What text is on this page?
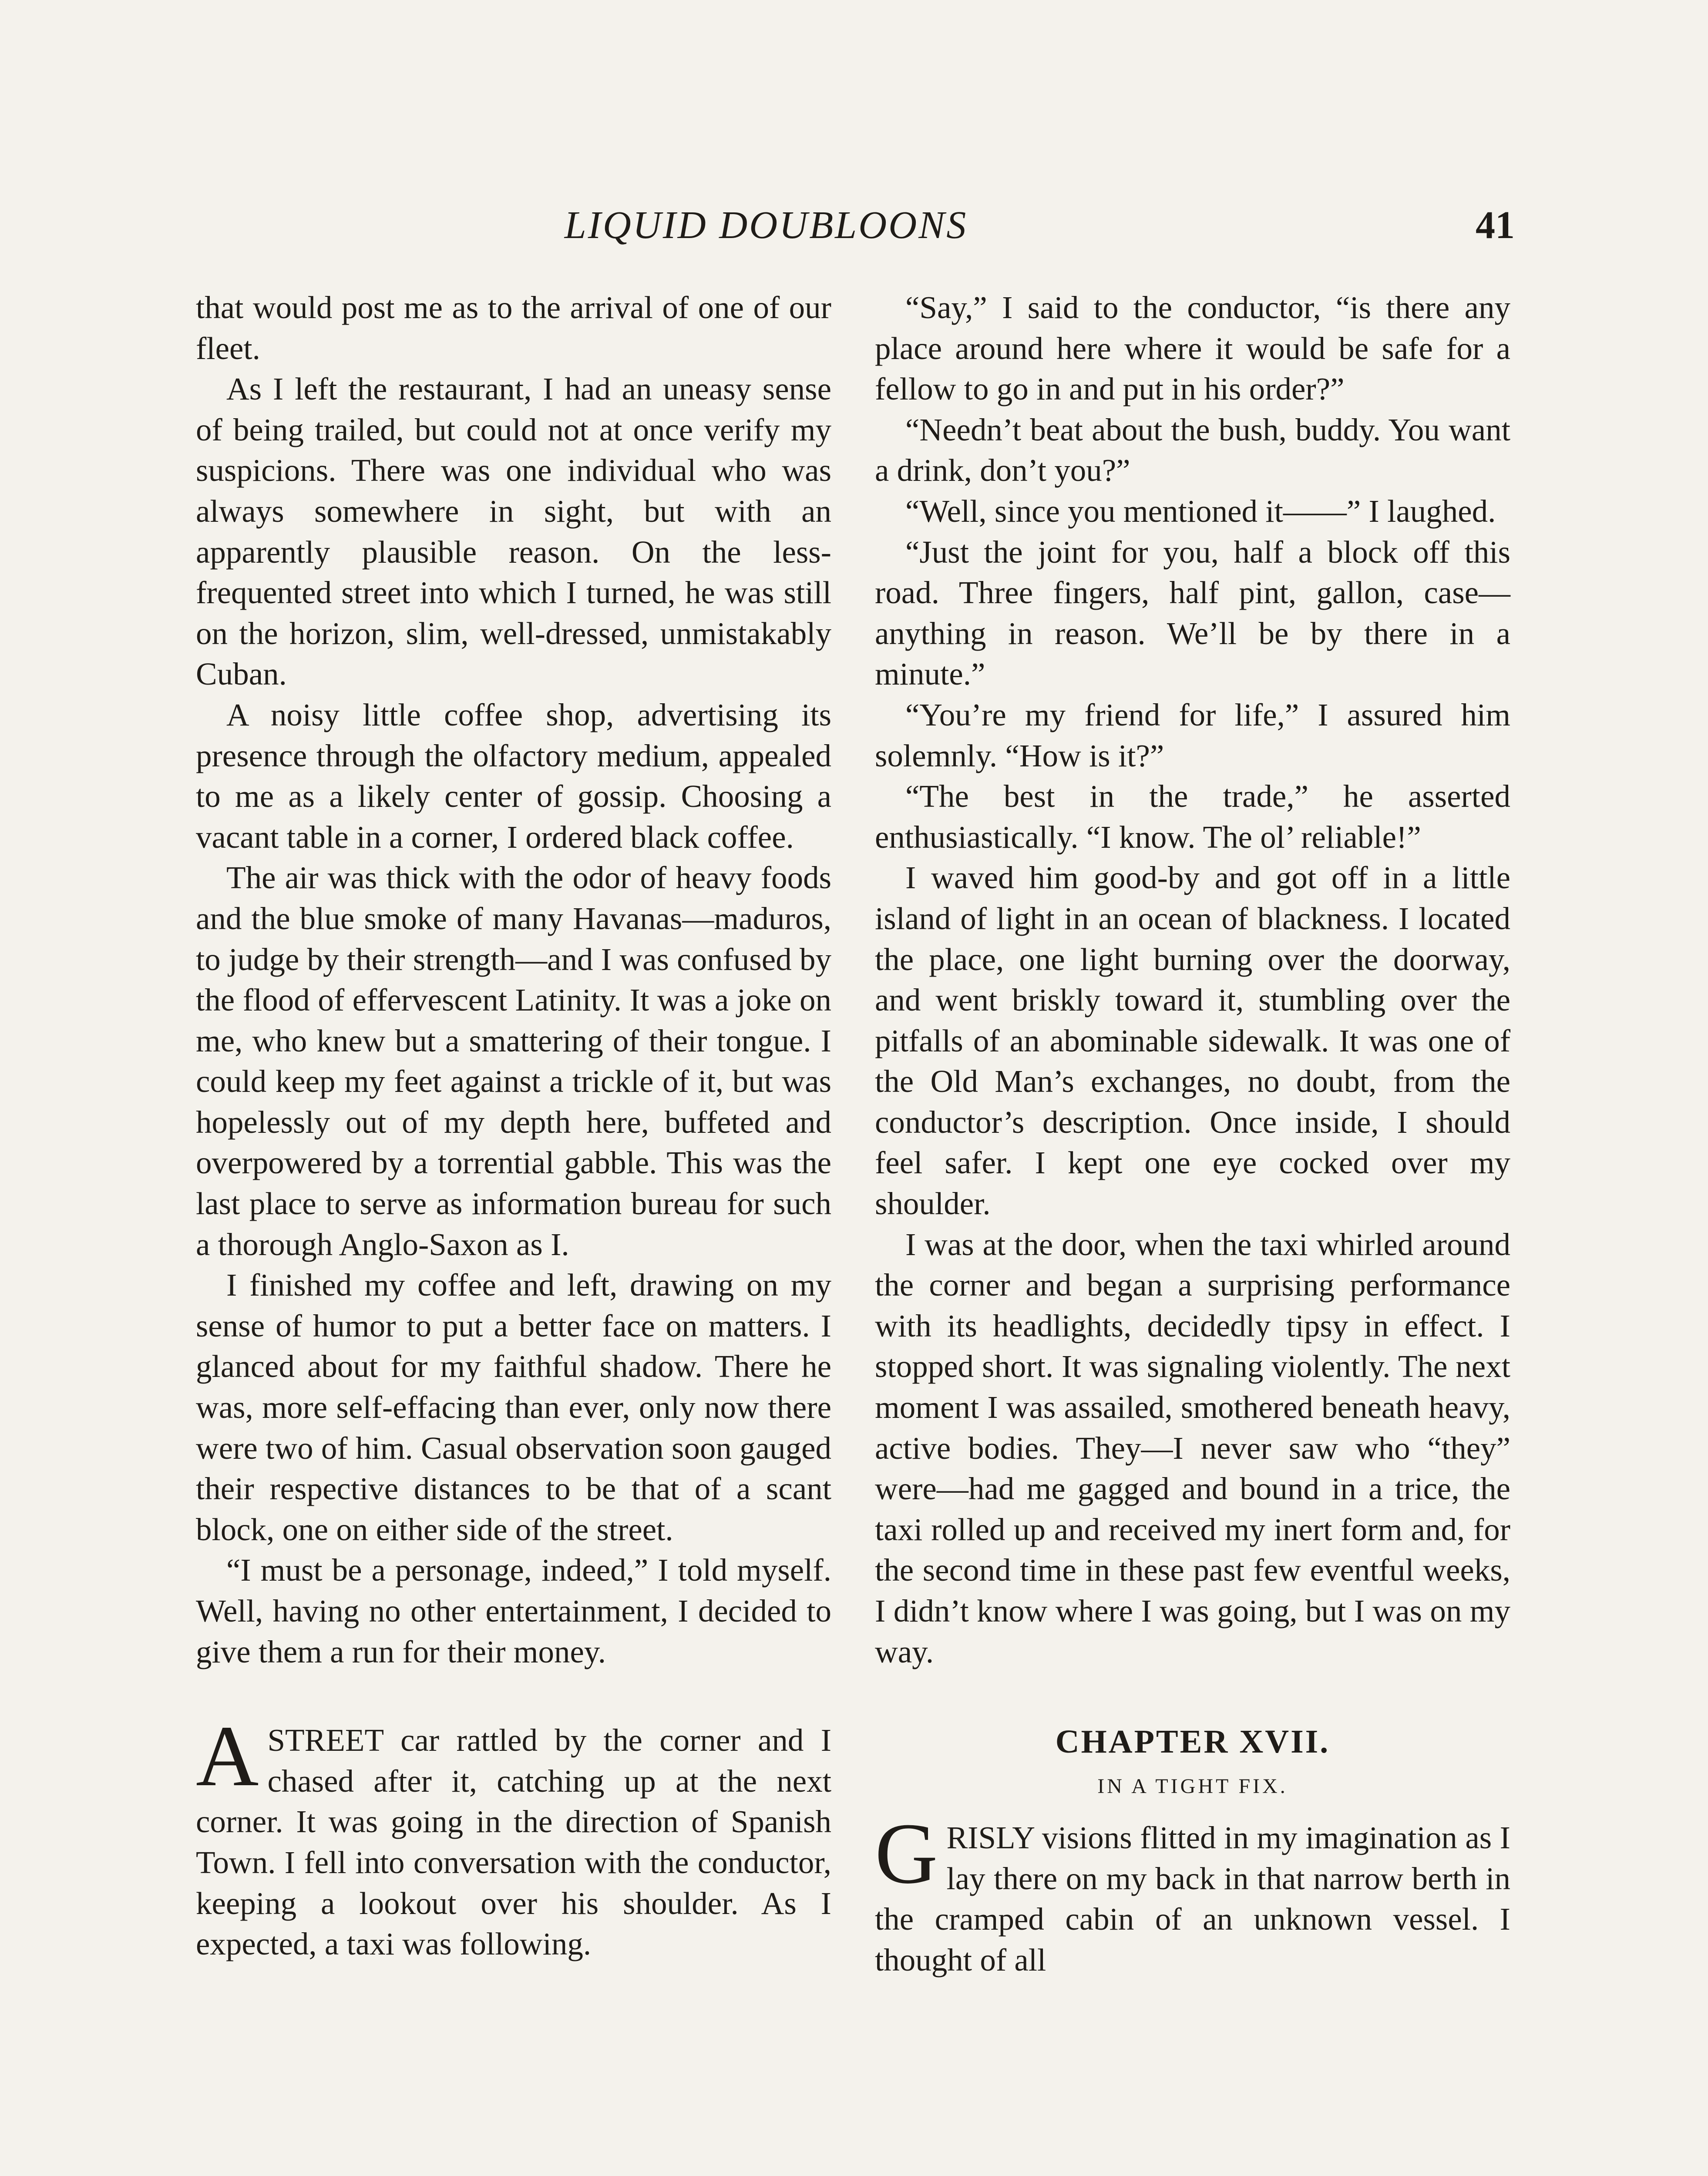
LIQUID DOUBLOONS	41

that would post me as to the arrival of one of our fleet.

As I left the restaurant, I had an uneasy sense of being trailed, but could not at once verify my suspicions. There was one individual who was always somewhere in sight, but with an apparently plausible reason. On the less-frequented street into which I turned, he was still on the horizon, slim, well-dressed, unmistakably Cuban.

A noisy little coffee shop, advertising its presence through the olfactory medium, appealed to me as a likely center of gossip. Choosing a vacant table in a corner, I ordered black coffee.

The air was thick with the odor of heavy foods and the blue smoke of many Havanas—maduros, to judge by their strength—and I was confused by the flood of effervescent Latinity. It was a joke on me, who knew but a smattering of their tongue. I could keep my feet against a trickle of it, but was hopelessly out of my depth here, buffeted and overpowered by a torrential gabble. This was the last place to serve as information bureau for such a thorough Anglo-Saxon as I.

I finished my coffee and left, drawing on my sense of humor to put a better face on matters. I glanced about for my faithful shadow. There he was, more self-effacing than ever, only now there were two of him. Casual observation soon gauged their respective distances to be that of a scant block, one on either side of the street.

“I must be a personage, indeed,” I told myself. Well, having no other entertainment, I decided to give them a run for their money.

A STREET car rattled by the corner and I chased after it, catching up at the next corner. It was going in the direction of Spanish Town. I fell into conversation with the conductor, keeping a lookout over his shoulder. As I expected, a taxi was following.

“Say,” I said to the conductor, “is there any place around here where it would be safe for a fellow to go in and put in his order?”

“Needn’t beat about the bush, buddy. You want a drink, don’t you?”

“Well, since you mentioned it——” I laughed.

“Just the joint for you, half a block off this road. Three fingers, half pint, gallon, case—anything in reason. We’ll be by there in a minute.”

“You’re my friend for life,” I assured him solemnly. “How is it?”

“The best in the trade,” he asserted enthusiastically. “I know. The ol’ reliable!”

I waved him good-by and got off in a little island of light in an ocean of blackness. I located the place, one light burning over the doorway, and went briskly toward it, stumbling over the pitfalls of an abominable sidewalk. It was one of the Old Man’s exchanges, no doubt, from the conductor’s description. Once inside, I should feel safer. I kept one eye cocked over my shoulder.

I was at the door, when the taxi whirled around the corner and began a surprising performance with its headlights, decidedly tipsy in effect. I stopped short. It was signaling violently. The next moment I was assailed, smothered beneath heavy, active bodies. They—I never saw who “they” were—had me gagged and bound in a trice, the taxi rolled up and received my inert form and, for the second time in these past few eventful weeks, I didn’t know where I was going, but I was on my way.

CHAPTER XVII.
IN A TIGHT FIX.

G RISLY visions flitted in my imagination as I lay there on my back in that narrow berth in the cramped cabin of an unknown vessel. I thought of all
